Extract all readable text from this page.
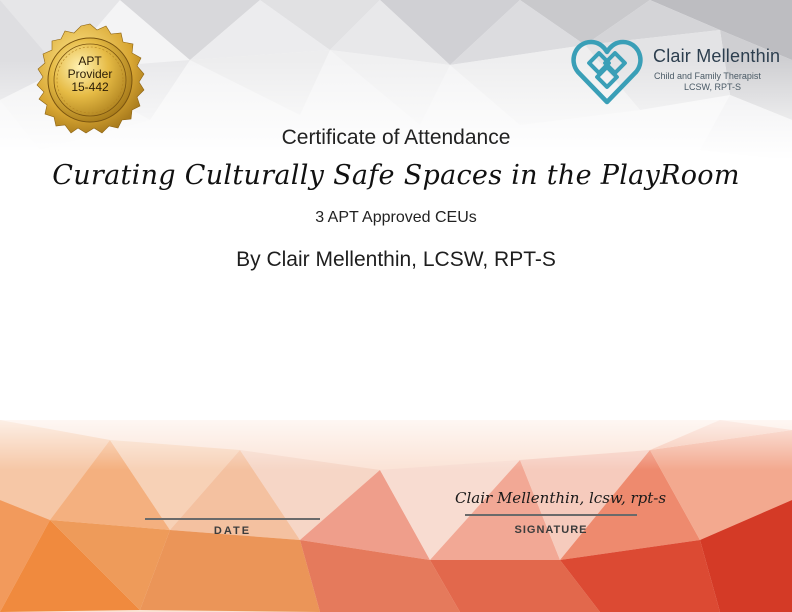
APT
Provider
15-442
Clair Mellenthin
Child and Family Therapist
LCSW, RPT-S
Certificate of Attendance
Curating Culturally Safe Spaces in the PlayRoom
3 APT Approved CEUs
By Clair Mellenthin, LCSW, RPT-S
DATE
Clair Mellenthin, lcsw, rpt-s
SIGNATURE
